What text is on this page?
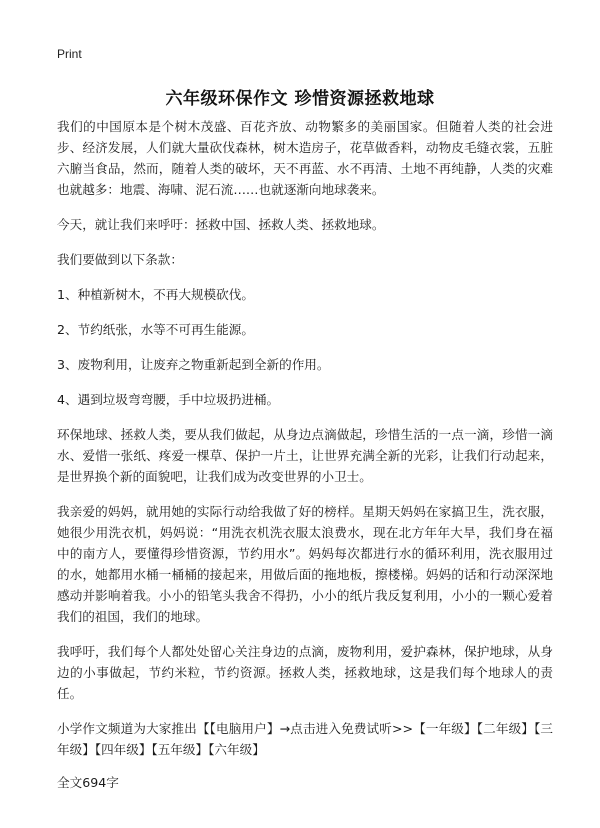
Print
六年级环保作文 珍惜资源拯救地球

我们的中国原本是个树木茂盛、百花齐放、动物繁多的美丽国家。但随着人类的社会进步、经济发展，人们就大量砍伐森林，树木造房子，花草做香料，动物皮毛缝衣裳，五脏六腑当食品，然而，随着人类的破坏，天不再蓝、水不再清、土地不再纯静，人类的灾难也就越多：地震、海啸、泥石流……也就逐渐向地球袭来。

今天，就让我们来呼吁：拯救中国、拯救人类、拯救地球。

我们要做到以下条款：

1、种植新树木，不再大规模砍伐。

2、节约纸张，水等不可再生能源。

3、废物利用，让废弃之物重新起到全新的作用。

4、遇到垃圾弯弯腰，手中垃圾扔进桶。

环保地球、拯救人类，要从我们做起，从身边点滴做起，珍惜生活的一点一滴，珍惜一滴水、爱惜一张纸、疼爱一棵草、保护一片土，让世界充满全新的光彩，让我们行动起来，是世界换个新的面貌吧，让我们成为改变世界的小卫士。

我亲爱的妈妈，就用她的实际行动给我做了好的榜样。星期天妈妈在家搞卫生，洗衣服，她很少用洗衣机，妈妈说：“用洗衣机洗衣服太浪费水，现在北方年年大旱，我们身在福中的南方人，要懂得珍惜资源，节约用水”。妈妈每次都进行水的循环利用，洗衣服用过的水，她都用水桶一桶桶的接起来，用做后面的拖地板，擦楼梯。妈妈的话和行动深深地感动并影响着我。小小的铅笔头我舍不得扔，小小的纸片我反复利用，小小的一颗心爱着我们的祖国，我们的地球。

我呼吁，我们每个人都处处留心关注身边的点滴，废物利用，爱护森林，保护地球，从身边的小事做起，节约米粒，节约资源。拯救人类，拯救地球，这是我们每个地球人的责任。

小学作文频道为大家推出【【电脑用户】→点击进入免费试听>>【一年级】【二年级】【三年级】【四年级】【五年级】【六年级】

全文694字
